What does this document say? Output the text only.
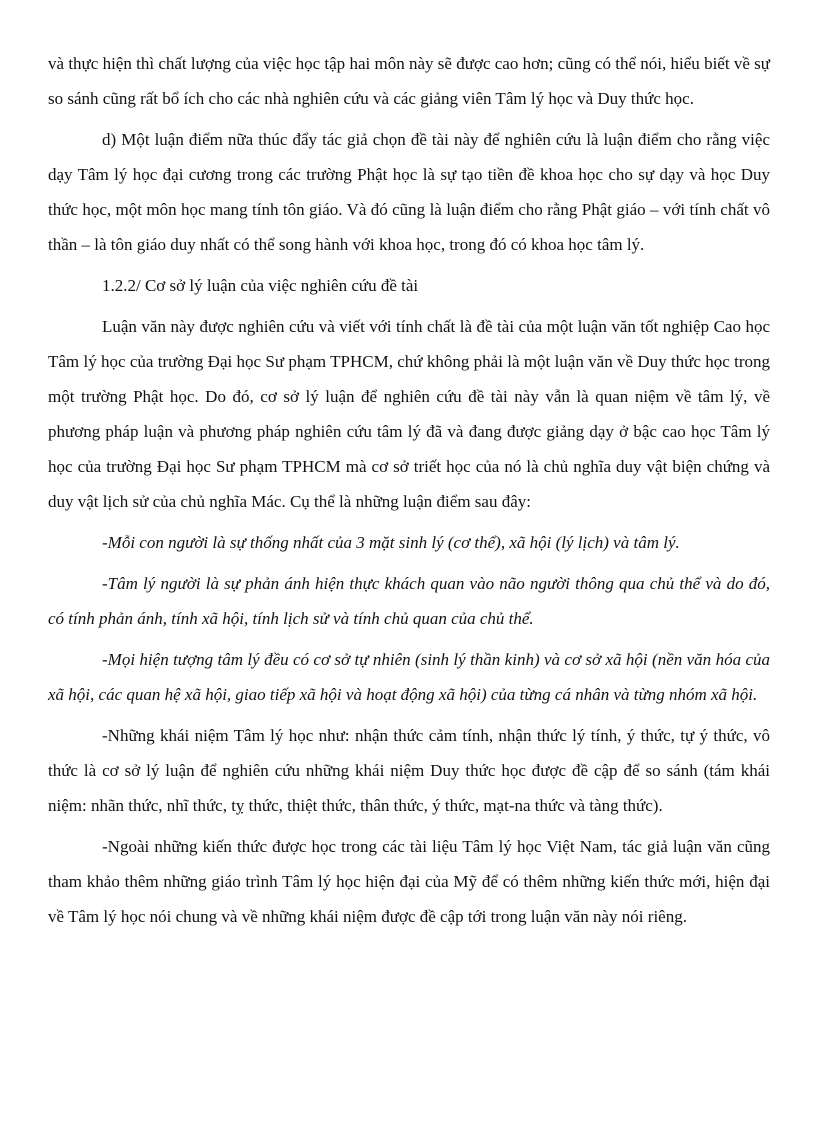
và thực hiện thì chất lượng của việc học tập hai môn này sẽ được cao hơn; cũng có thể nói, hiểu biết về sự so sánh cũng rất bổ ích cho các nhà nghiên cứu và các giảng viên Tâm lý học và Duy thức học.

d) Một luận điểm nữa thúc đẩy tác giả chọn đề tài này để nghiên cứu là luận điểm cho rằng việc dạy Tâm lý học đại cương trong các trường Phật học là sự tạo tiền đề khoa học cho sự dạy và học Duy thức học, một môn học mang tính tôn giáo. Và đó cũng là luận điểm cho rằng Phật giáo – với tính chất vô thần – là tôn giáo duy nhất có thể song hành với khoa học, trong đó có khoa học tâm lý.

1.2.2/ Cơ sở lý luận của việc nghiên cứu đề tài

Luận văn này được nghiên cứu và viết với tính chất là đề tài của một luận văn tốt nghiệp Cao học Tâm lý học của trường Đại học Sư phạm TPHCM, chứ không phải là một luận văn về Duy thức học trong một trường Phật học. Do đó, cơ sở lý luận để nghiên cứu đề tài này vẫn là quan niệm về tâm lý, về phương pháp luận và phương pháp nghiên cứu tâm lý đã và đang được giảng dạy ở bậc cao học Tâm lý học của trường Đại học Sư phạm TPHCM mà cơ sở triết học của nó là chủ nghĩa duy vật biện chứng và duy vật lịch sử của chủ nghĩa Mác. Cụ thể là những luận điểm sau đây:

-Mỗi con người là sự thống nhất của 3 mặt sinh lý (cơ thể), xã hội (lý lịch) và tâm lý.

-Tâm lý người là sự phản ánh hiện thực khách quan vào não người thông qua chủ thể và do đó, có tính phản ánh, tính xã hội, tính lịch sử và tính chủ quan của chủ thể.

-Mọi hiện tượng tâm lý đều có cơ sở tự nhiên (sinh lý thần kinh) và cơ sở xã hội (nền văn hóa của xã hội, các quan hệ xã hội, giao tiếp xã hội và hoạt động xã hội) của từng cá nhân và từng nhóm xã hội.

-Những khái niệm Tâm lý học như: nhận thức cảm tính, nhận thức lý tính, ý thức, tự ý thức, vô thức là cơ sở lý luận để nghiên cứu những khái niệm Duy thức học được đề cập để so sánh (tám khái niệm: nhãn thức, nhĩ thức, tỵ thức, thiệt thức, thân thức, ý thức, mạt-na thức và tàng thức).

-Ngoài những kiến thức được học trong các tài liệu Tâm lý học Việt Nam, tác giả luận văn cũng tham khảo thêm những giáo trình Tâm lý học hiện đại của Mỹ để có thêm những kiến thức mới, hiện đại về Tâm lý học nói chung và về những khái niệm được đề cập tới trong luận văn này nói riêng.
